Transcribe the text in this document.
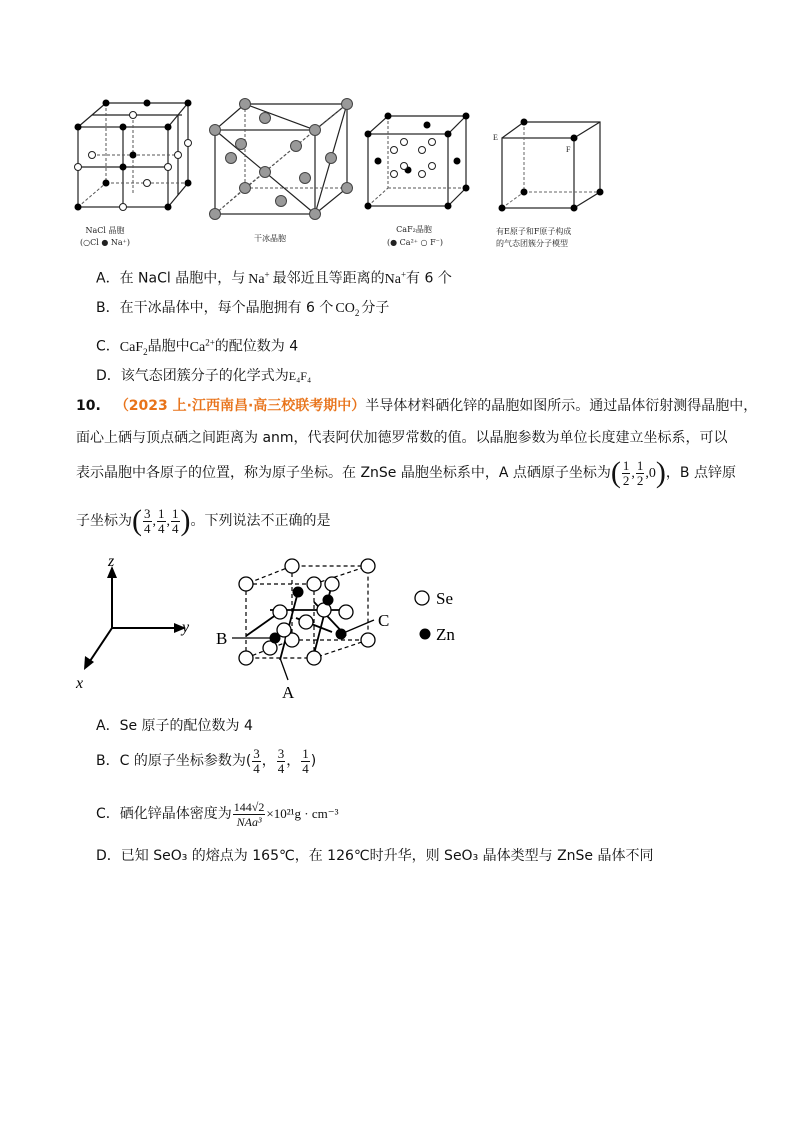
NaCl 晶胞
(○Cl ● Na⁺)	干冰晶胞
CaF₂晶胞
(● Ca²⁺ ○ F⁻)
E
F
有E原子和F原子构成
的气态团簇分子模型
A．在 NaCl 晶胞中，与 Na+ 最邻近且等距离的Na+有 6 个
B．在干冰晶体中，每个晶胞拥有 6 个 $CO_2$ 分子
C．CaF$_2$晶胞中$Ca^{2+}$的配位数为 4
D．该气态团簇分子的化学式为E₄F₄
10. （2023 上·江西南昌·高三校联考期中）半导体材料硒化锌的晶胞如图所示。通过晶体衍射测得晶胞中，
面心上硒与顶点硒之间距离为 anm，代表阿伏加德罗常数的值。以晶胞参数为单位长度建立坐标系，可以
表示晶胞中各原子的位置，称为原子坐标。在 ZnSe 晶胞坐标系中，A 点硒原子坐标为( $\frac{1}{2}$ , $\frac{1}{2} ,0$)，B 点锌原
子坐标为( $\frac{3}{4}$ , $\frac{1}{4}$ , $\frac{1}{4}$ )。下列说法不正确的是
z
y
x
B
C
A
Se
Zn
A．Se 原子的配位数为 4
B．C 的原子坐标参数为( $\frac{3}{4}$ ， $\frac{3}{4}$ ， $\frac{1}{4}$ )
C．硒化锌晶体密度为 $\frac{144√2}{\text{NAa³}} \times 10^{21}g \cdot cm^{-3}$
D．已知 SeO₃ 的熔点为 165℃，在 126℃时升华，则 SeO₃ 晶体类型与 ZnSe 晶体不同
